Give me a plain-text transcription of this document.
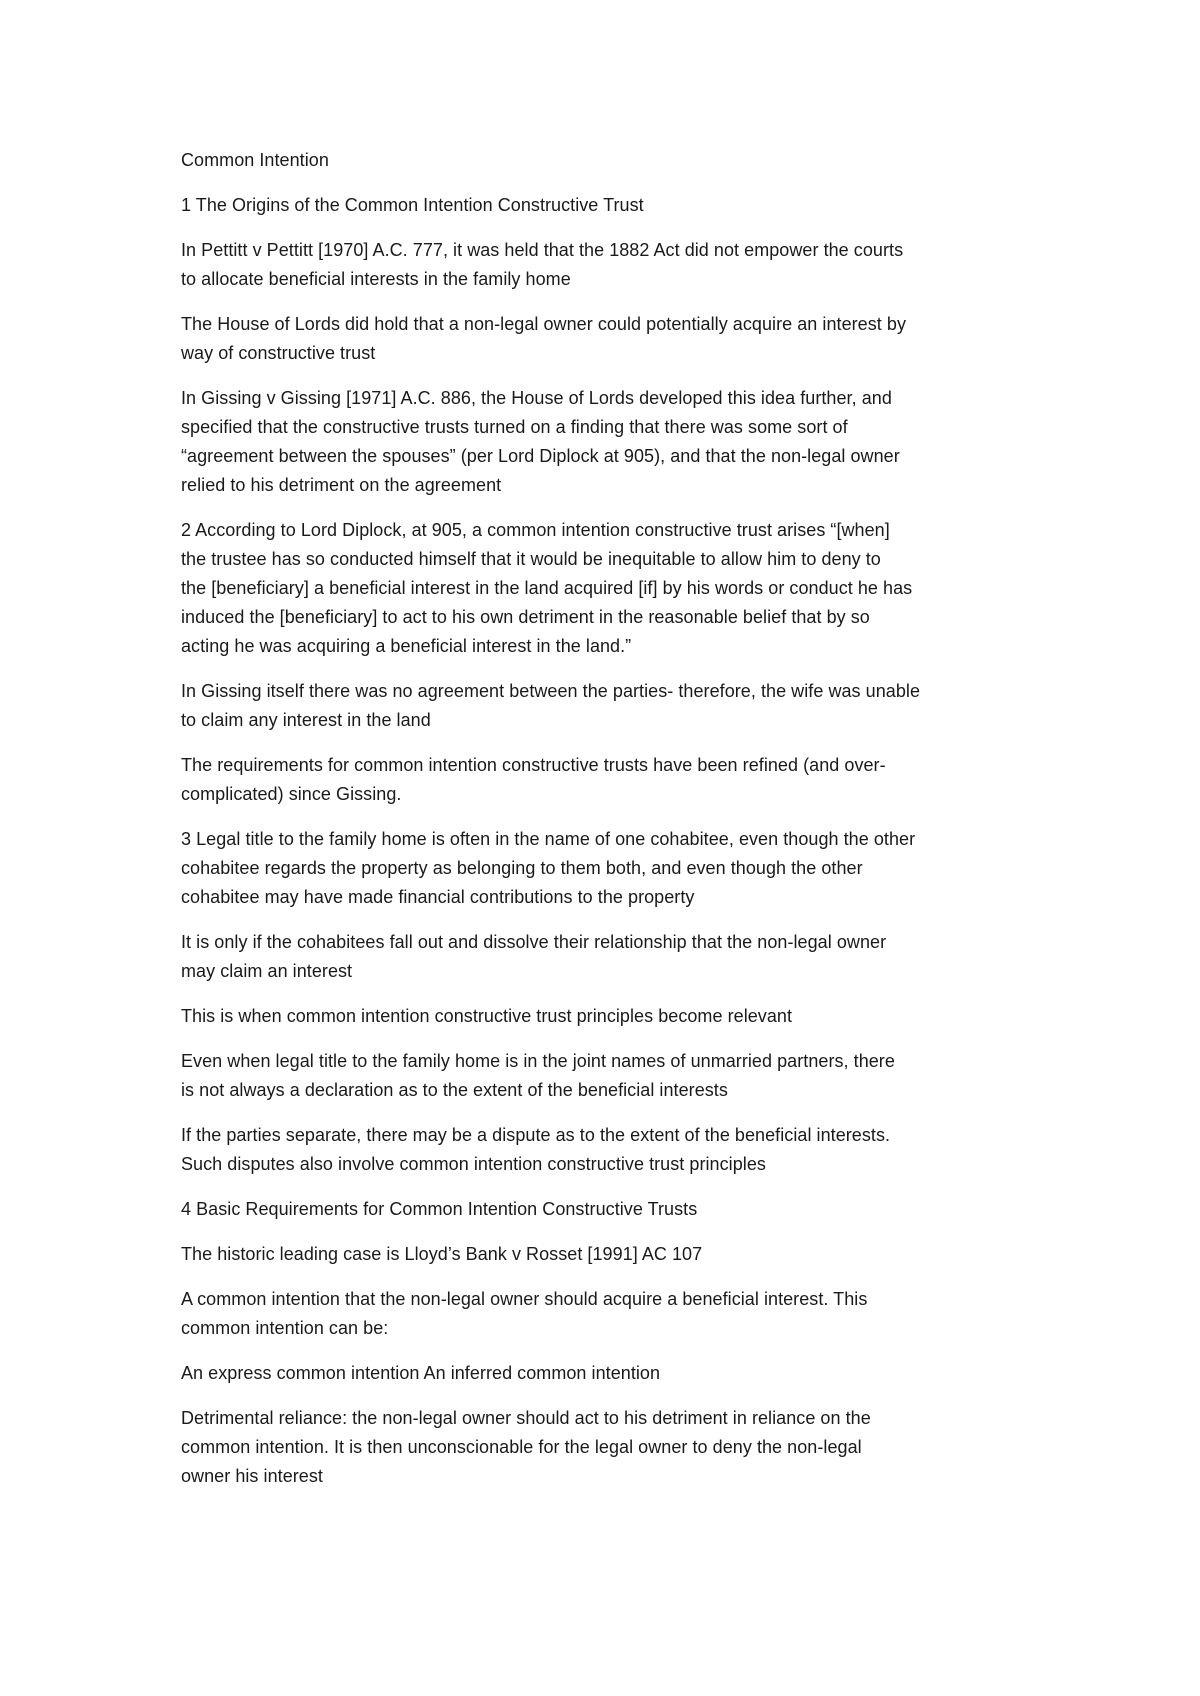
Common Intention

1 The Origins of the Common Intention Constructive Trust

In Pettitt v Pettitt [1970] A.C. 777, it was held that the 1882 Act did not empower the courts
to allocate beneficial interests in the family home

The House of Lords did hold that a non-legal owner could potentially acquire an interest by
way of constructive trust

In Gissing v Gissing [1971] A.C. 886, the House of Lords developed this idea further, and
specified that the constructive trusts turned on a finding that there was some sort of
“agreement between the spouses” (per Lord Diplock at 905), and that the non-legal owner
relied to his detriment on the agreement

2 According to Lord Diplock, at 905, a common intention constructive trust arises “[when]
the trustee has so conducted himself that it would be inequitable to allow him to deny to
the [beneficiary] a beneficial interest in the land acquired [if] by his words or conduct he has
induced the [beneficiary] to act to his own detriment in the reasonable belief that by so
acting he was acquiring a beneficial interest in the land.”

In Gissing itself there was no agreement between the parties- therefore, the wife was unable
to claim any interest in the land

The requirements for common intention constructive trusts have been refined (and over-
complicated) since Gissing.

3 Legal title to the family home is often in the name of one cohabitee, even though the other
cohabitee regards the property as belonging to them both, and even though the other
cohabitee may have made financial contributions to the property

It is only if the cohabitees fall out and dissolve their relationship that the non-legal owner
may claim an interest

This is when common intention constructive trust principles become relevant

Even when legal title to the family home is in the joint names of unmarried partners, there
is not always a declaration as to the extent of the beneficial interests

If the parties separate, there may be a dispute as to the extent of the beneficial interests.
Such disputes also involve common intention constructive trust principles

4 Basic Requirements for Common Intention Constructive Trusts

The historic leading case is Lloyd’s Bank v Rosset [1991] AC 107

A common intention that the non-legal owner should acquire a beneficial interest. This
common intention can be:

An express common intention An inferred common intention

Detrimental reliance: the non-legal owner should act to his detriment in reliance on the
common intention. It is then unconscionable for the legal owner to deny the non-legal
owner his interest
